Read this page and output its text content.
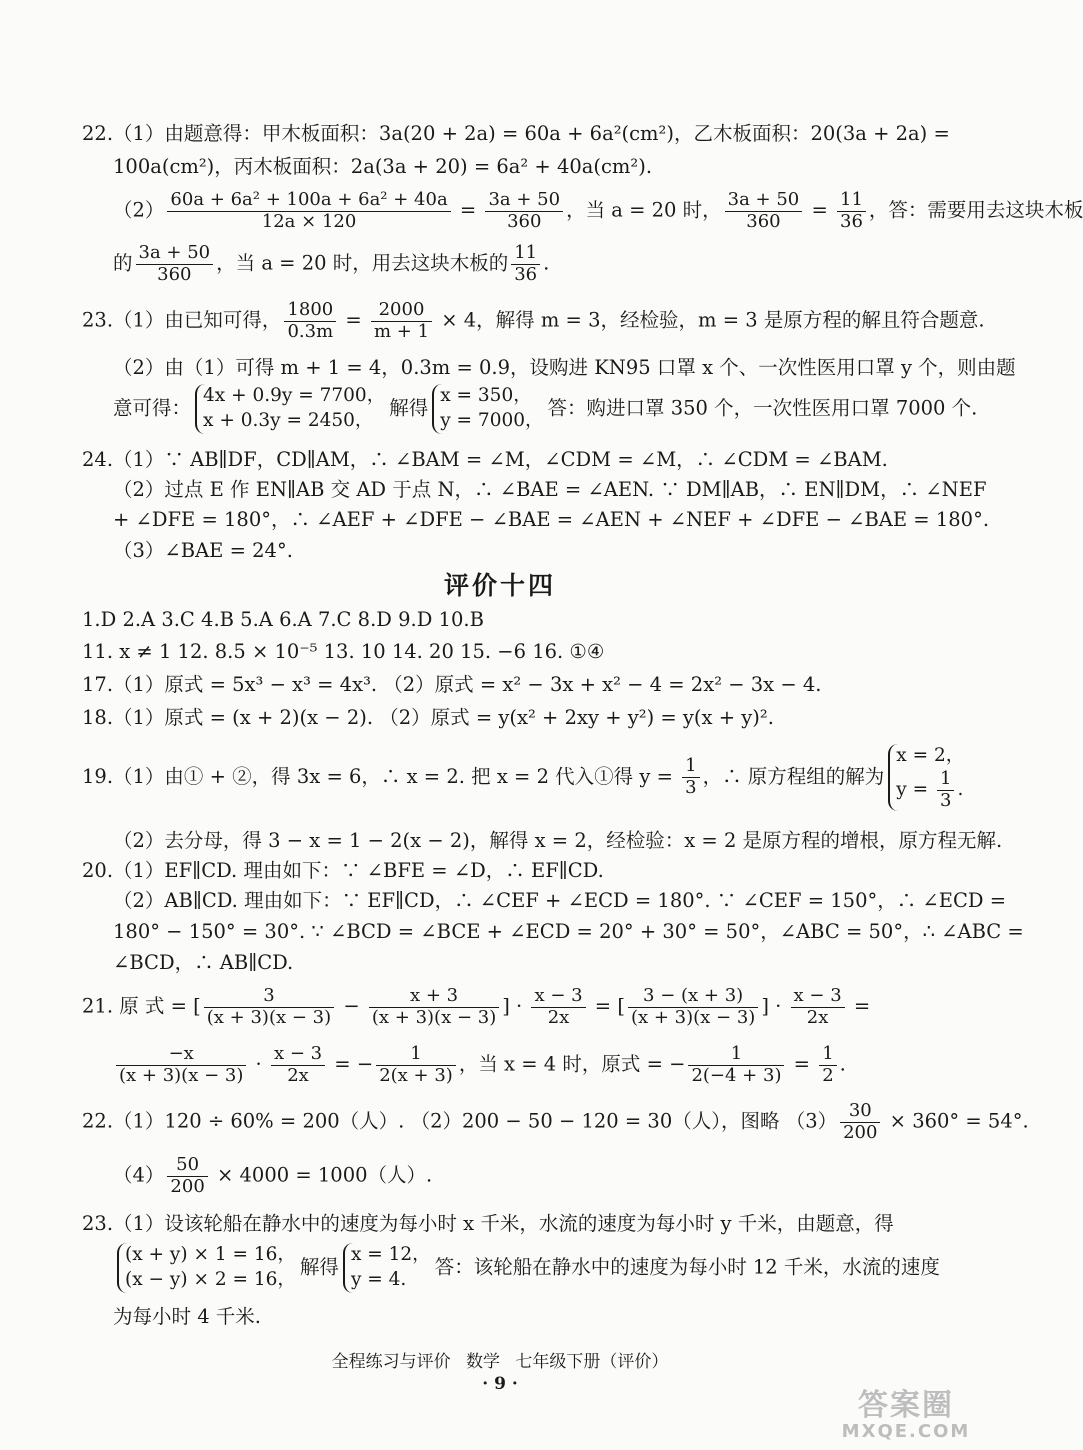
22.（1）由题意得：甲木板面积：3a(20 + 2a) = 60a + 6a²(cm²)，乙木板面积：20(3a + 2a) =
100a(cm²)，丙木板面积：2a(3a + 20) = 6a² + 40a(cm²).
$(2) \frac{\text{60a + 6a² + 100a + 6a² + 40a}}{12a \times 120} = \frac{3a + 50}{360}$ ，当 a = 20 时， $\frac{3a + 50}{360} = \frac{11}{36}$ ，答：需要用去这块木板
的 $\frac{3a + 50}{360}$ ，当 a = 20 时，用去这块木板的 $\frac{11}{36}$ .
23.（1）由已知可得， $\frac{1800}{0.3m} = \frac{2000}{m + 1} \times 4$，解得 m = 3，经检验，m = 3 是原方程的解且符合题意.
（2）由（1）可得 m + 1 = 4，0.3m = 0.9，设购进 KN95 口罩 x 个、一次性医用口罩 y 个，则由题
意可得：
4x + 0.9y = 7700，
x + 0.3y = 2450，
解得
x = 350，
y = 7000，
答：购进口罩 350 个，一次性医用口罩 7000 个.
24.（1）∵ AB∥DF，CD∥AM，∴ ∠BAM = ∠M，∠CDM = ∠M，∴ ∠CDM = ∠BAM.
（2）过点 E 作 EN∥AB 交 AD 于点 N，∴ ∠BAE = ∠AEN. ∵ DM∥AB，∴ EN∥DM，∴ ∠NEF
+ ∠DFE = 180°，∴ ∠AEF + ∠DFE − ∠BAE = ∠AEN + ∠NEF + ∠DFE − ∠BAE = 180°.
（3）∠BAE = 24°.
评价十四
1.D 2.A 3.C 4.B 5.A 6.A 7.C 8.D 9.D 10.B
11. x ≠ 1 12. 8.5 × 10⁻⁵ 13. 10 14. 20 15. −6 16. ①④
17.（1）原式 = 5x³ − x³ = 4x³. （2）原式 = x² − 3x + x² − 4 = 2x² − 3x − 4.
18.（1）原式 = (x + 2)(x − 2). （2）原式 = y(x² + 2xy + y²) = y(x + y)².
19.（1）由① + ②，得 3x = 6，∴ x = 2. 把 x = 2 代入①得 $y = \frac{1}{3}$ ，∴ 原方程组的解为
x = 2，
$y = \frac{1}{3}$ .
（2）去分母，得 3 − x = 1 − 2(x − 2)，解得 x = 2，经检验：x = 2 是原方程的增根，原方程无解.
20.（1）EF∥CD. 理由如下：∵ ∠BFE = ∠D，∴ EF∥CD.
（2）AB∥CD. 理由如下：∵ EF∥CD，∴ ∠CEF + ∠ECD = 180°. ∵ ∠CEF = 150°，∴ ∠ECD =
180° − 150° = 30°. ∵ ∠BCD = ∠BCE + ∠ECD = 20° + 30° = 50°，∠ABC = 50°，∴ ∠ABC =
∠BCD，∴ AB∥CD.
21. 原 式 = [ $\frac{3}{(x + 3)(x - 3)} - \frac{x + 3}{(x + 3)(x - 3)}$ ] · $\frac{x - 3}{2x}$ = [ $\frac{3 - (x + 3)}{(x + 3)(x - 3)}$ ] · $\frac{x - 3}{2x}$ =
$\frac{-x}{(x + 3)(x - 3)} \cdot \frac{x - 3}{2x}$ = − $\frac{1}{2(x + 3)}$ ，当 x = 4 时，原式 = − $\frac{1}{2(-4 + 3)} = \frac{1}{2}$ .
22.（1）120 ÷ 60% = 200（人）. （2）200 − 50 − 120 = 30（人），图略 $(3) \frac{30}{200} \times 360^\circ = 54^\circ$.
$(4) \frac{50}{200} \times 4000 = 1000$（人）.
23.（1）设该轮船在静水中的速度为每小时 x 千米，水流的速度为每小时 y 千米，由题意，得
(x + y) × 1 = 16，
(x − y) × 2 = 16，
解得
x = 12，
y = 4.
答：该轮船在静水中的速度为每小时 12 千米，水流的速度
为每小时 4 千米.
全程练习与评价 数学 七年级下册（评价）
· 9 ·
答案圈
MXQE.COM
